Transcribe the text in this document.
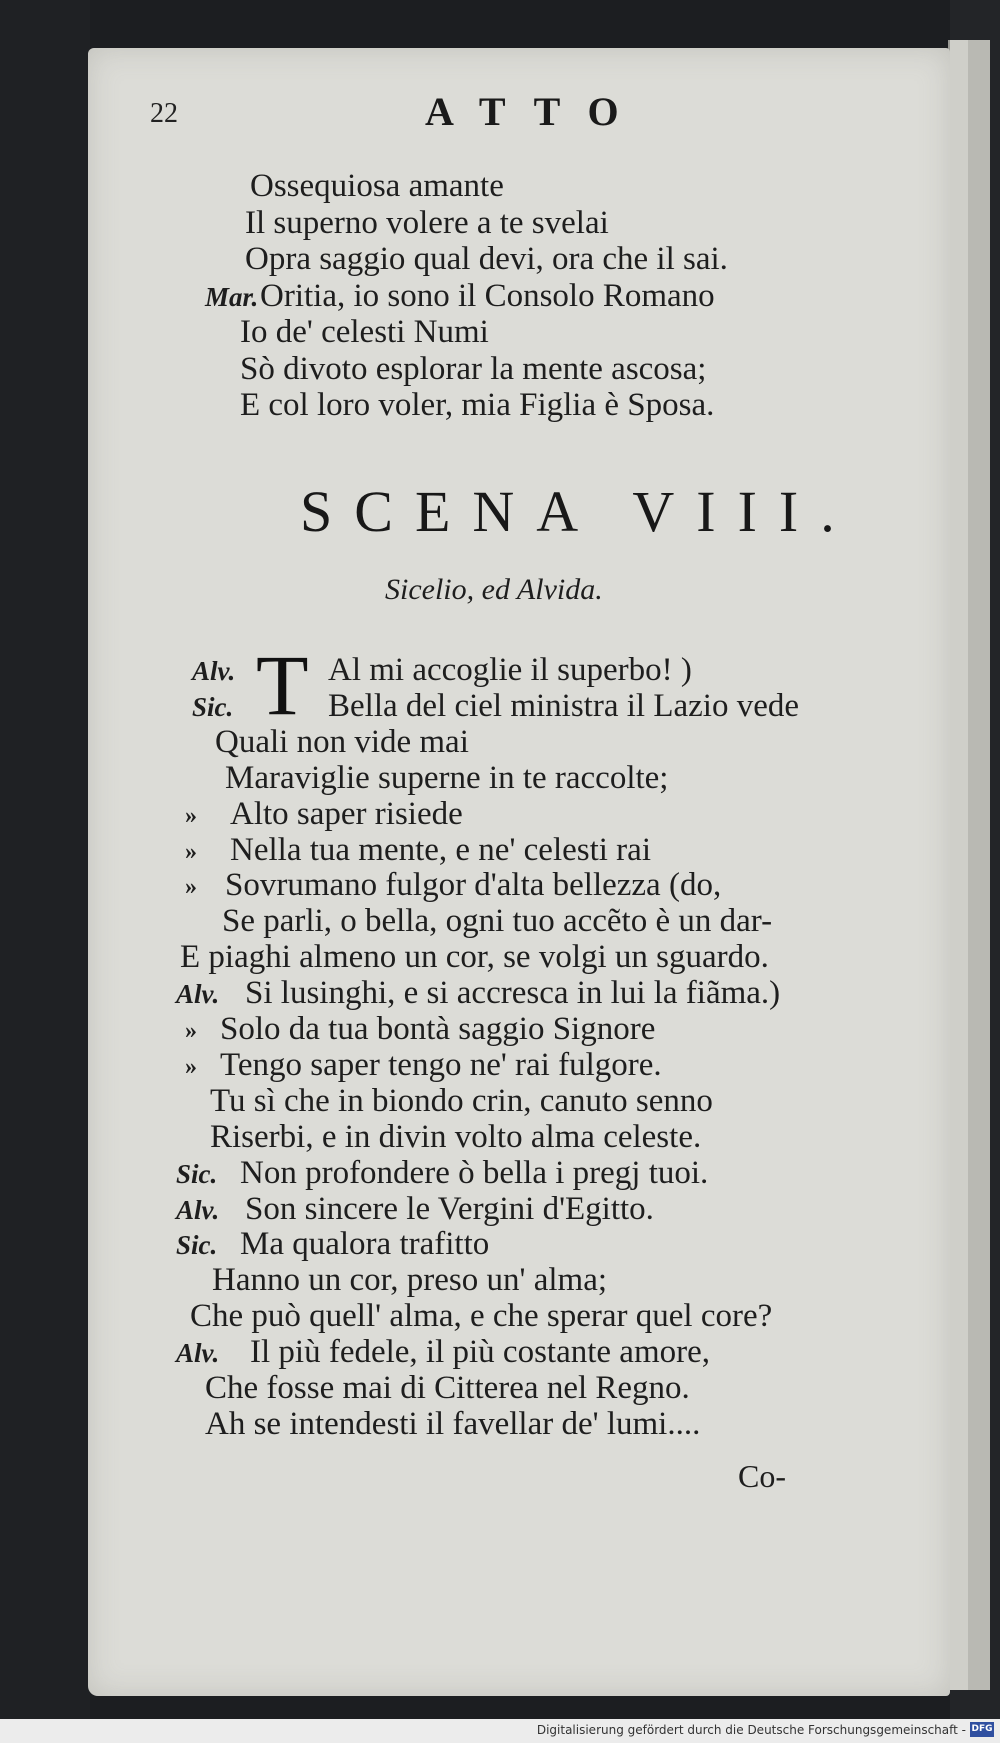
22	ATTO
Ossequiosa amante
Il superno volere a te svelai
Opra saggio qual devi, ora che il sai.
Mar. Oritia, io sono il Consolo Romano
Io de' celesti Numi
Sò divoto esplorar la mente ascosa;
E col loro voler, mia Figlia è Sposa.
SCENA VIII.
Sicelio, ed Alvida.
T
Alv.	Al mi accoglie il superbo! )
Sic.	Bella del ciel ministra il Lazio vede
Quali non vide mai
Maraviglie superne in te raccolte;
» Alto saper risiede
» Nella tua mente, e ne' celesti rai
» Sovrumano fulgor d'alta bellezza (do,
Se parli, o bella, ogni tuo accẽto è un dar-
E piaghi almeno un cor, se volgi un sguardo.
Alv. Si lusinghi, e si accresca in lui la fiãma.)
» Solo da tua bontà saggio Signore
» Tengo saper tengo ne' rai fulgore.
Tu sì che in biondo crin, canuto senno
Riserbi, e in divin volto alma celeste.
Sic. Non profondere ò bella i pregj tuoi.
Alv. Son sincere le Vergini d'Egitto.
Sic. Ma qualora trafitto
Hanno un cor, preso un' alma;
Che può quell' alma, e che sperar quel core?
Alv. Il più fedele, il più costante amore,
Che fosse mai di Citterea nel Regno.
Ah se intendesti il favellar de' lumi....
Co-
Digitalisierung gefördert durch die Deutsche Forschungsgemeinschaft - DFG
